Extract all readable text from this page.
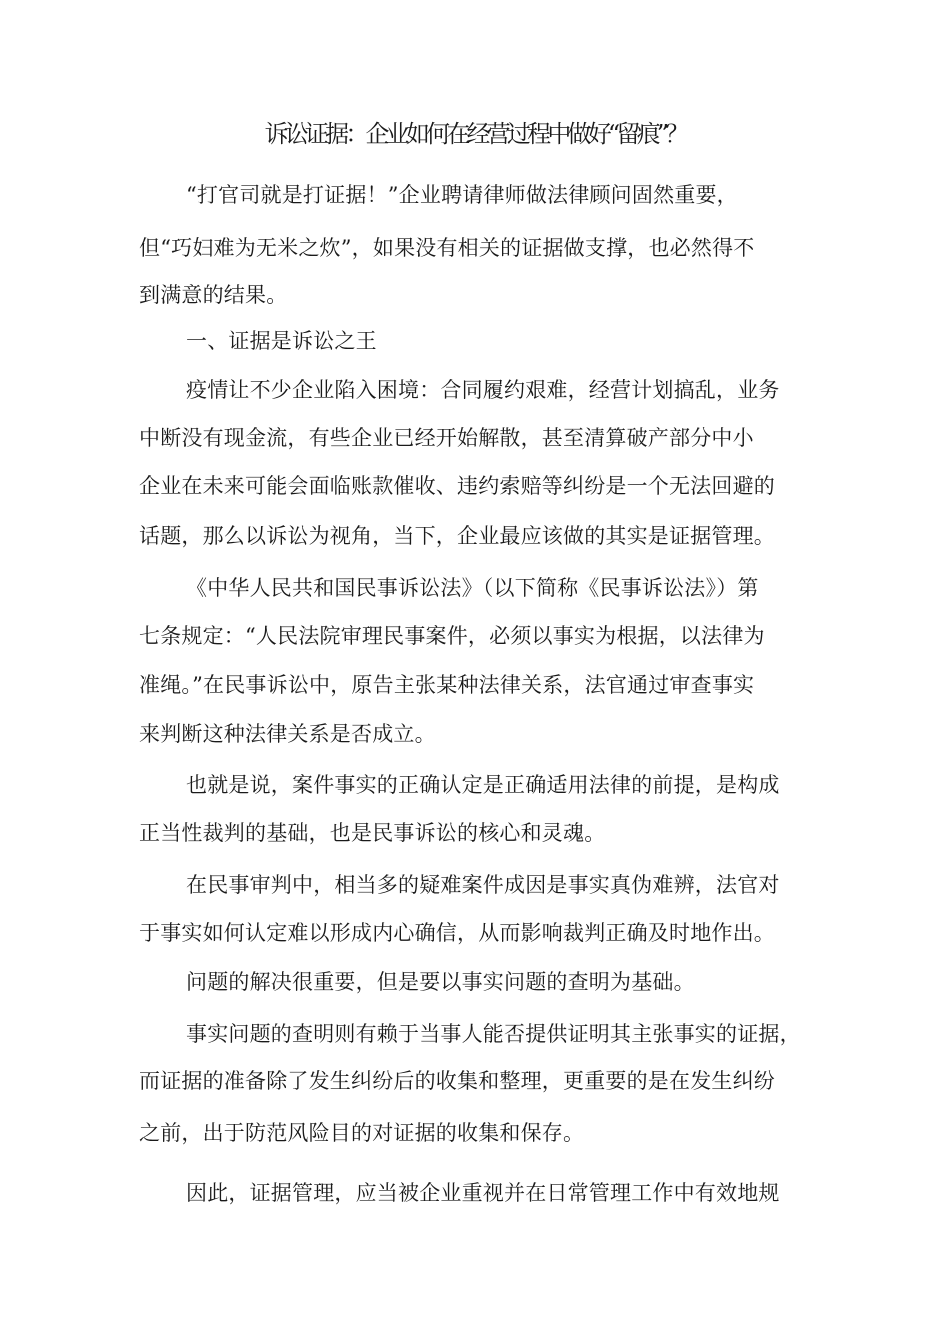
诉讼证据：企业如何在经营过程中做好“留痕”？
“打官司就是打证据！”企业聘请律师做法律顾问固然重要，
但“巧妇难为无米之炊”，如果没有相关的证据做支撑，也必然得不
到满意的结果。
一、证据是诉讼之王
疫情让不少企业陷入困境：合同履约艰难，经营计划搞乱，业务
中断没有现金流，有些企业已经开始解散，甚至清算破产部分中小
企业在未来可能会面临账款催收、违约索赔等纠纷是一个无法回避的
话题，那么以诉讼为视角，当下，企业最应该做的其实是证据管理。
《中华人民共和国民事诉讼法》（以下简称《民事诉讼法》）第
七条规定：“人民法院审理民事案件，必须以事实为根据，以法律为
准绳。”在民事诉讼中，原告主张某种法律关系，法官通过审查事实
来判断这种法律关系是否成立。
也就是说，案件事实的正确认定是正确适用法律的前提，是构成
正当性裁判的基础，也是民事诉讼的核心和灵魂。
在民事审判中，相当多的疑难案件成因是事实真伪难辨，法官对
于事实如何认定难以形成内心确信，从而影响裁判正确及时地作出。
问题的解决很重要，但是要以事实问题的查明为基础。
事实问题的查明则有赖于当事人能否提供证明其主张事实的证据，
而证据的准备除了发生纠纷后的收集和整理，更重要的是在发生纠纷
之前，出于防范风险目的对证据的收集和保存。
因此，证据管理，应当被企业重视并在日常管理工作中有效地规
